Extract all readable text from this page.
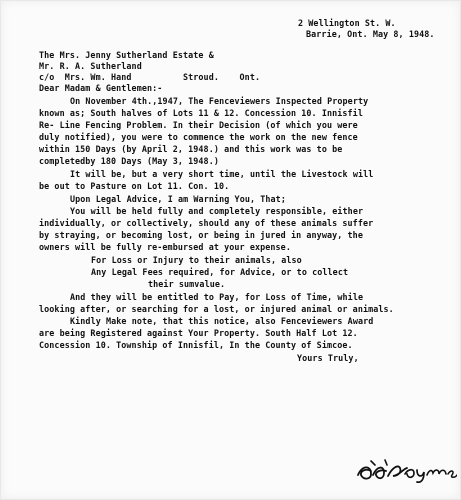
2 Wellington St. W.
Barrie, Ont. May 8, 1948.
The Mrs. Jenny Sutherland Estate &
Mr. R. A. Sutherland
c/o  Mrs. Wm. Hand          Stroud.    Ont.
Dear Madam & Gentlemen:-
On November 4th.,1947, The Fenceviewers Inspected Property
known as; South halves of Lots 11 & 12. Concession 10. Innisfil
Re- Line Fencing Problem. In their Decision (of which you were
duly notified), you were to commence the work on the new fence
within 150 Days (by April 2, 1948.) and this work was to be
completedby 180 Days (May 3, 1948.)
It will be, but a very short time, until the Livestock will
be out to Pasture on Lot 11. Con. 10.
Upon Legal Advice, I am Warning You, That;
You will be held fully and completely responsible, either
individually, or collectively, should any of these animals suffer
by straying, or becoming lost, or being in jured in anyway, the
owners will be fully re-embursed at your expense.
For Loss or Injury to their animals, also
Any Legal Fees required, for Advice, or to collect
their sumvalue.
And they will be entitled to Pay, for Loss of Time, while
looking after, or searching for a lost, or injured animal or animals.
Kindly Make note, that this notice, also Fenceviewers Award
are being Registered against Your Property. South Half Lot 12.
Concession 10. Township of Innisfil, In the County of Simcoe.
Yours Truly,
